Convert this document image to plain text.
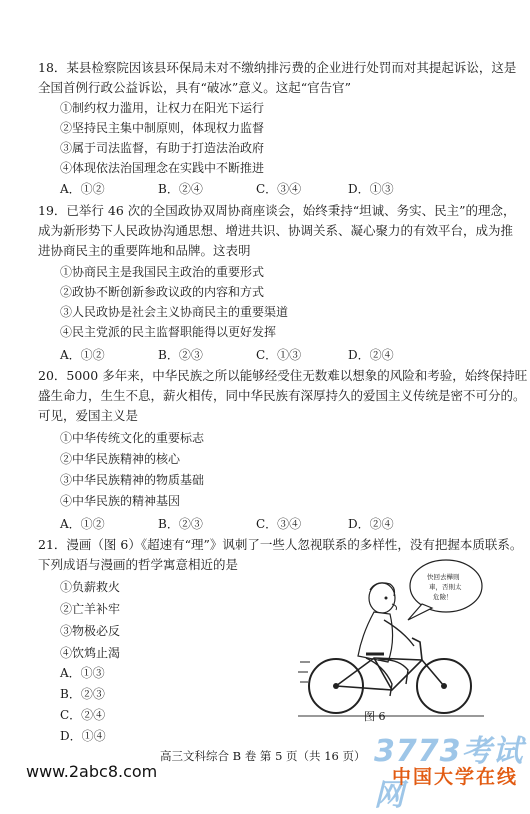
18．某县检察院因该县环保局未对不缴纳排污费的企业进行处罚而对其提起诉讼，这是
全国首例行政公益诉讼，具有“破冰”意义。这起“官告官”
①制约权力滥用，让权力在阳光下运行
②坚持民主集中制原则，体现权力监督
③属于司法监督，有助于打造法治政府
④体现依法治国理念在实践中不断推进
A．①②	B．②④	C．③④	D．①③
19．已举行 46 次的全国政协双周协商座谈会，始终秉持“坦诚、务实、民主”的理念，
成为新形势下人民政协沟通思想、增进共识、协调关系、凝心聚力的有效平台，成为推
进协商民主的重要阵地和品牌。这表明
①协商民主是我国民主政治的重要形式
②政协不断创新参政议政的内容和方式
③人民政协是社会主义协商民主的重要渠道
④民主党派的民主监督职能得以更好发挥
A．①②	B．②③	C．①③	D．②④
20．5000 多年来，中华民族之所以能够经受住无数难以想象的风险和考验，始终保持旺
盛生命力，生生不息，薪火相传，同中华民族有深厚持久的爱国主义传统是密不可分的。
可见，爱国主义是
①中华传统文化的重要标志
②中华民族精神的核心
③中华民族精神的物质基础
④中华民族的精神基因
A．①②	B．②③	C．③④	D．②④
21．漫画（图 6）《超速有“理”》讽刺了一些人忽视联系的多样性，没有把握本质联系。
下列成语与漫画的哲学寓意相近的是
①负薪救火
②亡羊补牢
③物极必反
④饮鸩止渴
A．①③
B．②③
C．②④
D．①④
快回去樺則
車，否則太
危險！
图 6
高三文科综合 B 卷 第 5 页（共 16 页）
www.2abc8.com
3773考试网
中国大学在线
